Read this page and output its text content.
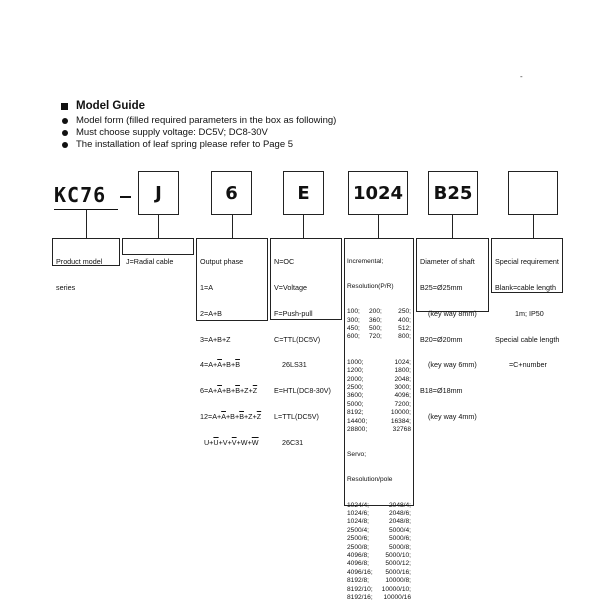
Model Guide
Model form (filled required parameters in the box as following)
Must choose supply voltage: DC5V; DC8-30V
The installation of leaf spring please refer to Page 5
-
KC76	J	6	E	1024	B25

Product model

series

J=Radial cable

	Output phase

1=A

2=A+B

3=A+B+Z

$4=A+\overline{A}+B+\overline{B}$

$6=A+\overline{A}+B+\overline{B}+Z+\overline{Z}$

$12=A+\overline{A}+B+\overline{B}+Z+\overline{Z}$

$U+\overline{U}+V+\overline{V}+W+\overline{W}$

N=OC

V=Voltage

F=Push-pull

C=TTL(DC5V)

26LS31

E=HTL(DC8-30V)

L=TTL(DC5V)

26C31

Incremental;

Resolution(P/R)

100;	200;	250;
300;	360;	400;
450;	500;	512;
600;	720;	800;

1000;	1024;
1200;	1800;
2000;	2048;
2500;	3000;
3600;	4096;
5000;	7200;
8192;	10000;
14400;	16384;
28800;	32768

Servo;

Resolution/pole

1024/4;	2048/4;
1024/6;	2048/6;
1024/8;	2048/8;
2500/4;	5000/4;
2500/6;	5000/6;
2500/8;	5000/8;
4096/8;	5000/10;
4096/8;	5000/12;
4096/16;	5000/16;
8192/8;	10000/8;
8192/10;	10000/10;
8192/16;	10000/16

Diameter of shaft

B25=Ø25mm

(key way 8mm)

B20=Ø20mm

(key way 6mm)

B18=Ø18mm

(key way 4mm)

Special requirement

Blank=cable length

1m; IP50

Special cable length

=C+number
